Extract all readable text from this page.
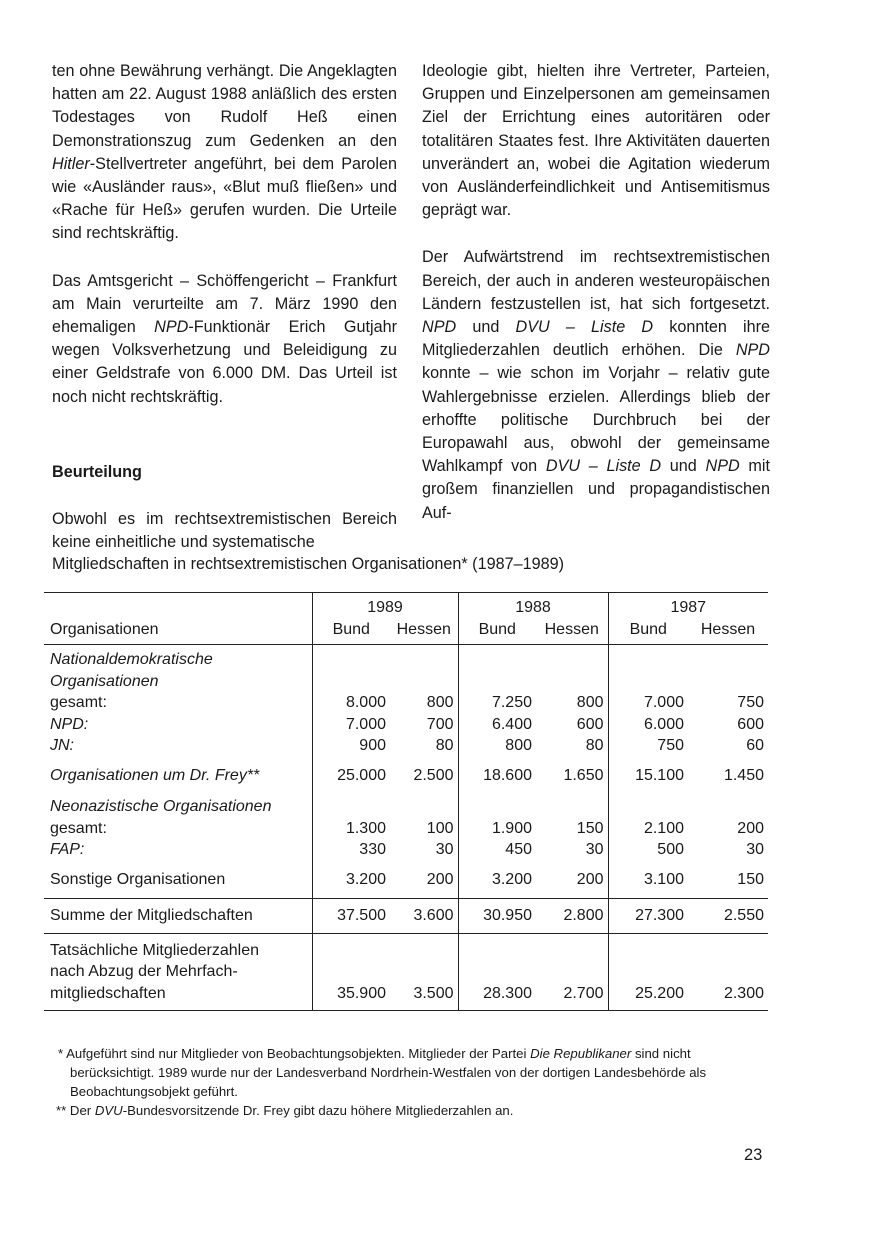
ten ohne Bewährung verhängt. Die Angeklagten hatten am 22. August 1988 anläßlich des ersten Todestages von Rudolf Heß einen Demonstrationszug zum Gedenken an den Hitler-Stellvertreter angeführt, bei dem Parolen wie «Ausländer raus», «Blut muß fließen» und «Rache für Heß» gerufen wurden. Die Urteile sind rechtskräftig.

Das Amtsgericht – Schöffengericht – Frankfurt am Main verurteilte am 7. März 1990 den ehemaligen NPD-Funktionär Erich Gutjahr wegen Volksverhetzung und Beleidigung zu einer Geldstrafe von 6.000 DM. Das Urteil ist noch nicht rechtskräftig.

Beurteilung

Obwohl es im rechtsextremistischen Bereich keine einheitliche und systematische

Ideologie gibt, hielten ihre Vertreter, Parteien, Gruppen und Einzelpersonen am gemeinsamen Ziel der Errichtung eines autoritären oder totalitären Staates fest. Ihre Aktivitäten dauerten unverändert an, wobei die Agitation wiederum von Ausländerfeindlichkeit und Antisemitismus geprägt war.

Der Aufwärtstrend im rechtsextremistischen Bereich, der auch in anderen westeuropäischen Ländern festzustellen ist, hat sich fortgesetzt. NPD und DVU – Liste D konnten ihre Mitgliederzahlen deutlich erhöhen. Die NPD konnte – wie schon im Vorjahr – relativ gute Wahlergebnisse erzielen. Allerdings blieb der erhoffte politische Durchbruch bei der Europawahl aus, obwohl der gemeinsame Wahlkampf von DVU – Liste D und NPD mit großem finanziellen und propagandistischen Auf-

Mitgliedschaften in rechtsextremistischen Organisationen* (1987–1989)
	1989		1988		1987	
Organisationen	Bund	Hessen	Bund	Hessen	Bund	Hessen
Nationaldemokratische						
Organisationen						
gesamt:	8.000	800	7.250	800	7.000	750
NPD:	7.000	700	6.400	600	6.000	600
JN:	900	80	800	80	750	60
Organisationen um Dr. Frey**	25.000	2.500	18.600	1.650	15.100	1.450
Neonazistische Organisationen						
gesamt:	1.300	100	1.900	150	2.100	200
FAP:	330	30	450	30	500	30
Sonstige Organisationen	3.200	200	3.200	200	3.100	150
Summe der Mitgliedschaften	37.500	3.600	30.950	2.800	27.300	2.550
Tatsächliche Mitgliederzahlen						
nach Abzug der Mehrfach-						
mitgliedschaften	35.900	3.500	28.300	2.700	25.200	2.300

* Aufgeführt sind nur Mitglieder von Beobachtungsobjekten. Mitglieder der Partei Die Republikaner sind nicht berücksichtigt. 1989 wurde nur der Landesverband Nordrhein-Westfalen von der dortigen Landesbehörde als Beobachtungsobjekt geführt.

** Der DVU-Bundesvorsitzende Dr. Frey gibt dazu höhere Mitgliederzahlen an.

23
